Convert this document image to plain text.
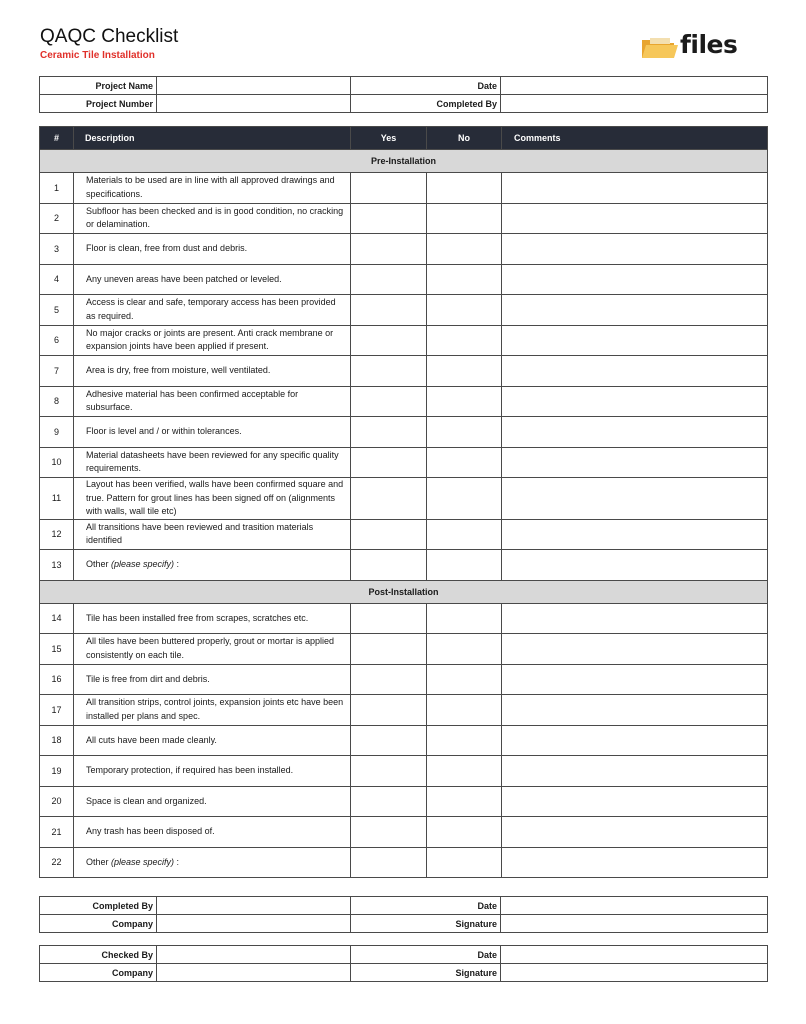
QAQC Checklist
Ceramic Tile Installation	files
Project Name		Date	
Project Number		Completed By	
#	Description	Yes	No	Comments
Pre-Installation				
1	Materials to be used are in line with all approved drawings and specifications.			
2	Subfloor has been checked and is in good condition, no cracking or delamination.			
3	Floor is clean, free from dust and debris.			
4	Any uneven areas have been patched or leveled.			
5	Access is clear and safe, temporary access has been provided as required.			
6	No major cracks or joints are present. Anti crack membrane or expansion joints have been applied if present.			
7	Area is dry, free from moisture, well ventilated.			
8	Adhesive material has been confirmed acceptable for subsurface.			
9	Floor is level and / or within tolerances.			
10	Material datasheets have been reviewed for any specific quality requirements.			
11	Layout has been verified, walls have been confirmed square and true. Pattern for grout lines has been signed off on (alignments with walls, wall tile etc)			
12	All transitions have been reviewed and trasition materials identified			
13	Other (please specify) :			
Post-Installation				
14	Tile has been installed free from scrapes, scratches etc.			
15	All tiles have been buttered properly, grout or mortar is applied consistently on each tile.			
16	Tile is free from dirt and debris.			
17	All transition strips, control joints, expansion joints etc have been installed per plans and spec.			
18	All cuts have been made cleanly.			
19	Temporary protection, if required has been installed.			
20	Space is clean and organized.			
21	Any trash has been disposed of.			
22	Other (please specify) :			
Completed By		Date	
Company		Signature	
Checked By		Date	
Company		Signature	
